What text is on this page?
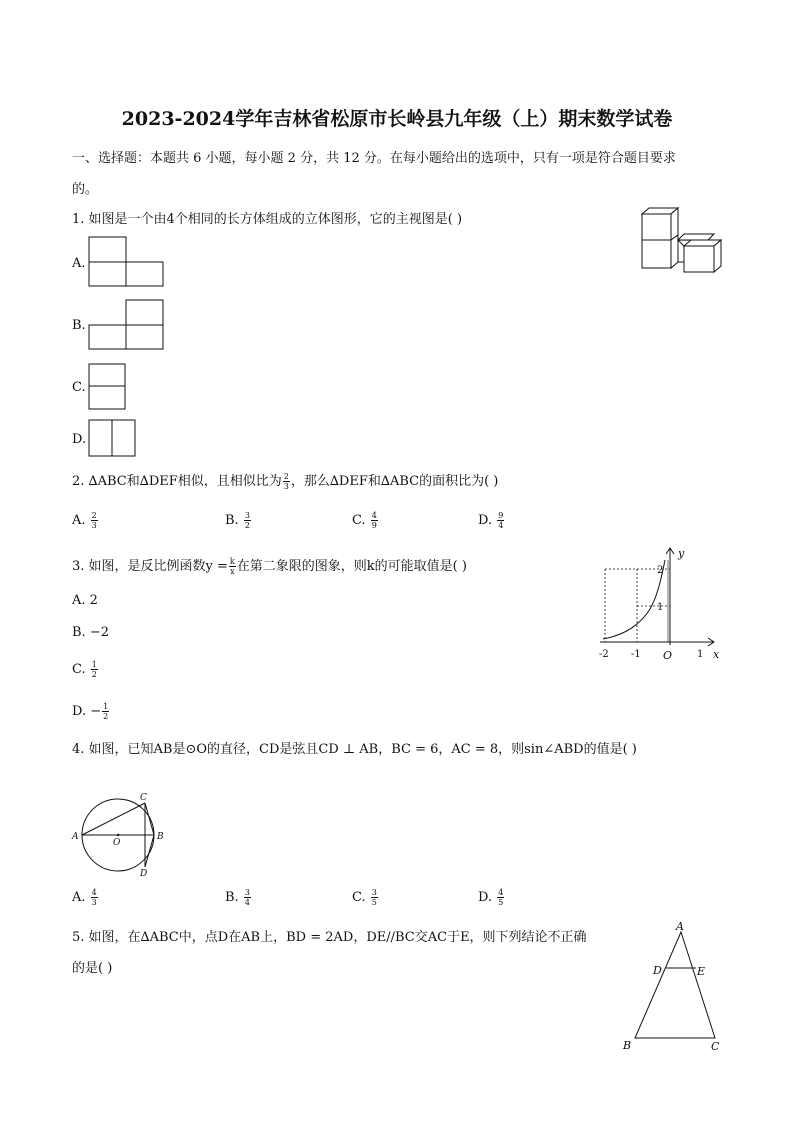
2023-2024学年吉林省松原市长岭县九年级（上）期末数学试卷
一、选择题：本题共 6 小题，每小题 2 分，共 12 分。在每小题给出的选项中，只有一项是符合题目要求
的。
1. 如图是一个由4个相同的长方体组成的立体图形，它的主视图是( )
A.
B.
C.
D.
2. ∆ABC和∆DEF相似，且相似比为 $\frac{2}{3}$ ，那么∆DEF和∆ABC的面积比为( )
A. $\frac{2}{3}$	B. $\frac{3}{2}$	C. $\frac{4}{9}$	D. $\frac{9}{4}$
3. 如图，是反比例函数$y = \frac{k}{x}$ 在第二象限的图象，则k的可能取值是( )
A. 2
B. −2
C. $\frac{1}{2}$
D. − $\frac{1}{2}$
y
x
O
2
1
-2 -1	1
4. 如图，已知AB是⊙O的直径，CD是弦且CD ⊥ AB，BC = 6，AC = 8，则sin∠ABD的值是( )
A	B
C
D
O
A. $\frac{4}{3}$	B. $\frac{3}{4}$	C. $\frac{3}{5}$	D. $\frac{4}{5}$
5. 如图，在∆ABC中，点D在AB上，BD = 2AD，DE//BC交AC于E，则下列结论不正确
的是( )
A
B	C
D	E
